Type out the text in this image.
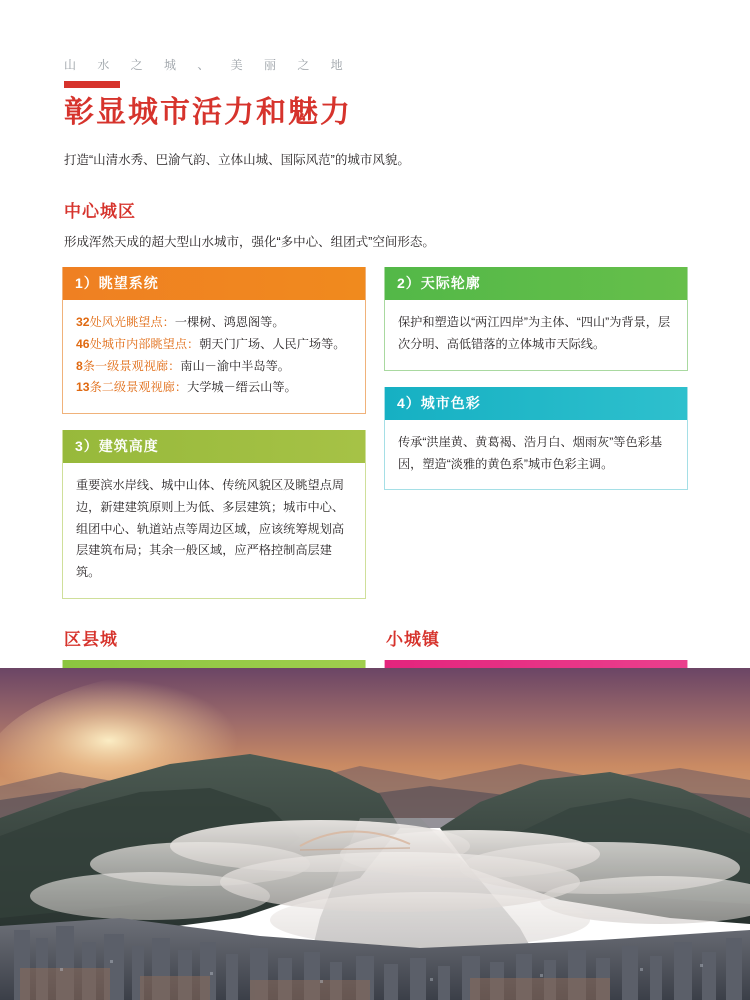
山 水 之 城 、 美 丽 之 地
彰显城市活力和魅力

打造“山清水秀、巴渝气韵、立体山城、国际风范”的城市风貌。

中心城区

形成浑然天成的超大型山水城市，强化“多中心、组团式”空间形态。

1）眺望系统

32处风光眺望点：一棵树、鸿恩阁等。

46处城市内部眺望点：朝天门广场、人民广场等。

8条一级景观视廊：南山－渝中半岛等。

13条二级景观视廊：大学城－缙云山等。

3）建筑高度

重要滨水岸线、城中山体、传统风貌区及眺望点周边，新建建筑原则上为低、多层建筑；城市中心、组团中心、轨道站点等周边区域，应该统筹规划高层建筑布局；其余一般区域，应严格控制高层建筑。

2）天际轮廓

保护和塑造以“两江四岸”为主体、“四山”为背景，层次分明、高低错落的立体城市天际线。

4）城市色彩

传承“洪崖黄、黄葛褐、浩月白、烟雨灰”等色彩基因，塑造“淡雅的黄色系”城市色彩主调。

区县城	小城镇
